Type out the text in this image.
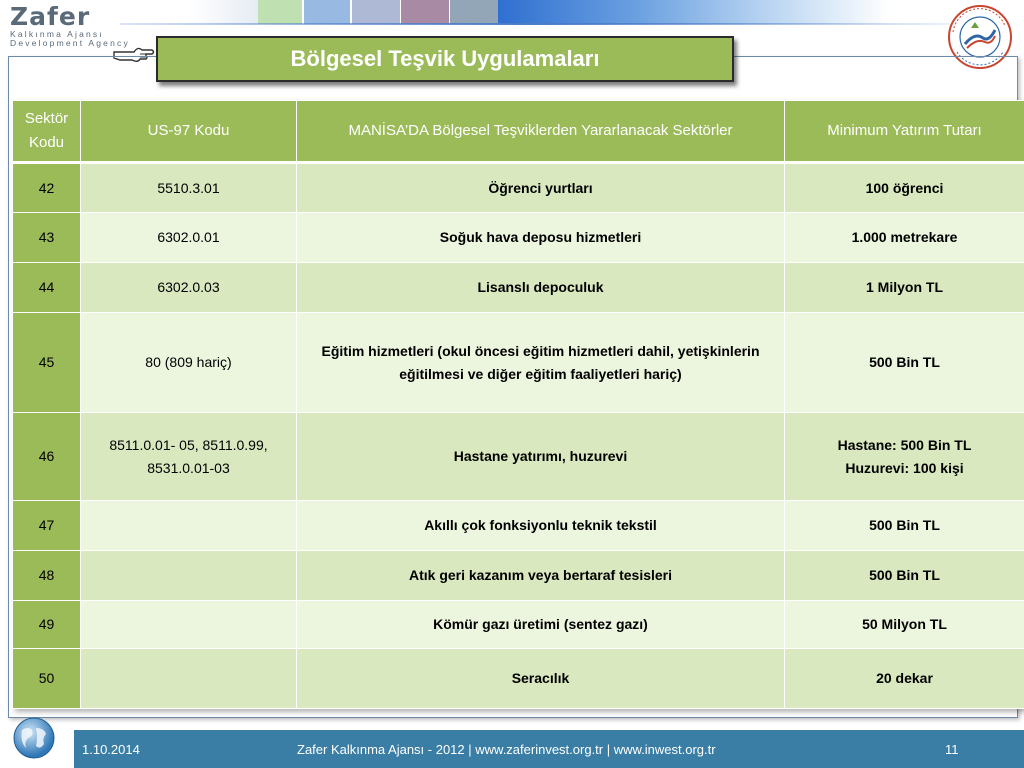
Zafer
Kalkınma Ajansı
Development Agency
Bölgesel Teşvik Uygulamaları
Sektör Kodu	US-97 Kodu	MANİSA’DA Bölgesel Teşviklerden Yararlanacak Sektörler	Minimum Yatırım Tutarı
42	5510.3.01	Öğrenci yurtları	100 öğrenci
43	6302.0.01	Soğuk hava deposu hizmetleri	1.000 metrekare
44	6302.0.03	Lisanslı depoculuk	1 Milyon TL
45	80 (809 hariç)	Eğitim hizmetleri (okul öncesi eğitim hizmetleri dahil, yetişkinlerin eğitilmesi ve diğer eğitim faaliyetleri hariç)	500 Bin TL
46	8511.0.01- 05, 8511.0.99, 8531.0.01-03	Hastane yatırımı, huzurevi	Hastane: 500 Bin TL
Huzurevi: 100 kişi

47		Akıllı çok fonksiyonlu teknik tekstil	500 Bin TL
48		Atık geri kazanım veya bertaraf tesisleri	500 Bin TL
49		Kömür gazı üretimi (sentez gazı)	50 Milyon TL
50		Seracılık	20 dekar
1.10.2014	Zafer Kalkınma Ajansı - 2012 | www.zaferinvest.org.tr | www.inwest.org.tr	11
